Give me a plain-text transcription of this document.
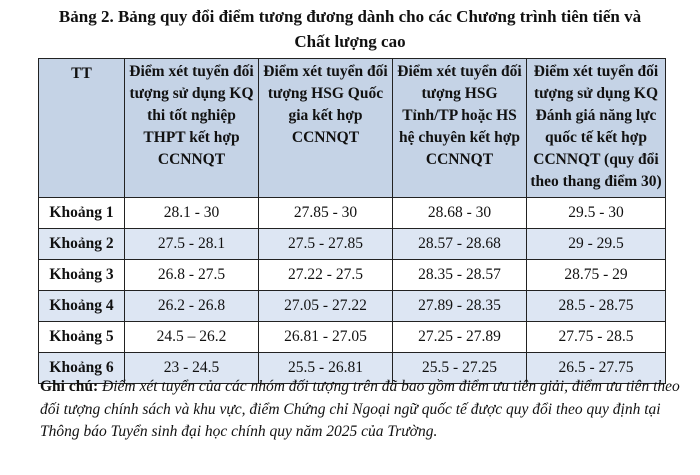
Bảng 2. Bảng quy đổi điểm tương đương dành cho các Chương trình tiên tiến và
Chất lượng cao
TT	Điểm xét tuyển đối tượng sử dụng KQ thi tốt nghiệp THPT kết hợp CCNNQT	Điểm xét tuyển đối tượng HSG Quốc gia kết hợp CCNNQT	Điểm xét tuyển đối tượng HSG Tỉnh/TP hoặc HS hệ chuyên kết hợp CCNNQT	Điểm xét tuyển đối tượng sử dụng KQ Đánh giá năng lực quốc tế kết hợp CCNNQT (quy đổi theo thang điểm 30)
Khoảng 1	28.1 - 30	27.85 - 30	28.68 - 30	29.5 - 30
Khoảng 2	27.5 - 28.1	27.5 - 27.85	28.57 - 28.68	29 - 29.5
Khoảng 3	26.8 - 27.5	27.22 - 27.5	28.35 - 28.57	28.75 - 29
Khoảng 4	26.2 - 26.8	27.05 - 27.22	27.89 - 28.35	28.5 - 28.75
Khoảng 5	24.5 – 26.2	26.81 - 27.05	27.25 - 27.89	27.75 - 28.5
Khoảng 6	23 - 24.5	25.5 - 26.81	25.5 - 27.25	26.5 - 27.75
Ghi chú: Điểm xét tuyển của các nhóm đối tượng trên đã bao gồm điểm ưu tiên giải, điểm ưu tiên theo đối tượng chính sách và khu vực, điểm Chứng chỉ Ngoại ngữ quốc tế được quy đổi theo quy định tại Thông báo Tuyển sinh đại học chính quy năm 2025 của Trường.
